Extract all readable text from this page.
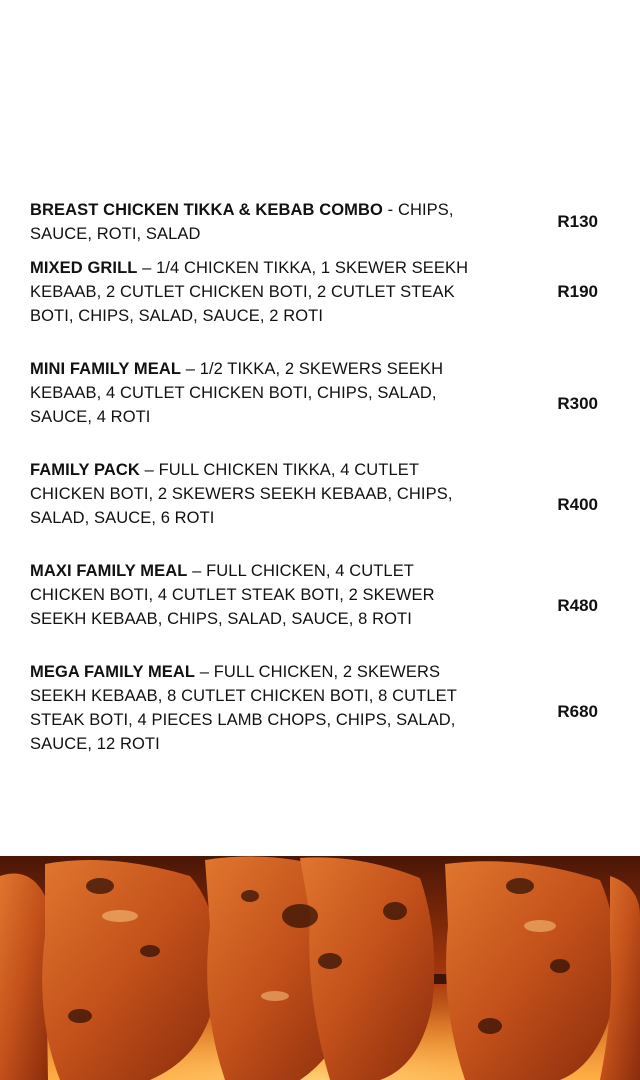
BREAST CHICKEN TIKKA & KEBAB COMBO - CHIPS, SAUCE, ROTI, SALAD
R130
MIXED GRILL – 1/4 CHICKEN TIKKA, 1 SKEWER SEEKH KEBAAB, 2 CUTLET CHICKEN BOTI, 2 CUTLET STEAK BOTI, CHIPS, SALAD, SAUCE, 2 ROTI
R190
MINI FAMILY MEAL – 1/2 TIKKA, 2 SKEWERS SEEKH KEBAAB, 4 CUTLET CHICKEN BOTI, CHIPS, SALAD, SAUCE, 4 ROTI
R300
FAMILY PACK – FULL CHICKEN TIKKA, 4 CUTLET CHICKEN BOTI, 2 SKEWERS SEEKH KEBAAB, CHIPS, SALAD, SAUCE, 6 ROTI
R400
MAXI FAMILY MEAL – FULL CHICKEN, 4 CUTLET CHICKEN BOTI, 4 CUTLET STEAK BOTI, 2 SKEWER SEEKH KEBAAB, CHIPS, SALAD, SAUCE, 8 ROTI
R480
MEGA FAMILY MEAL – FULL CHICKEN, 2 SKEWERS SEEKH KEBAAB, 8 CUTLET CHICKEN BOTI, 8 CUTLET STEAK BOTI, 4 PIECES LAMB CHOPS, CHIPS, SALAD, SAUCE, 12 ROTI
R680
